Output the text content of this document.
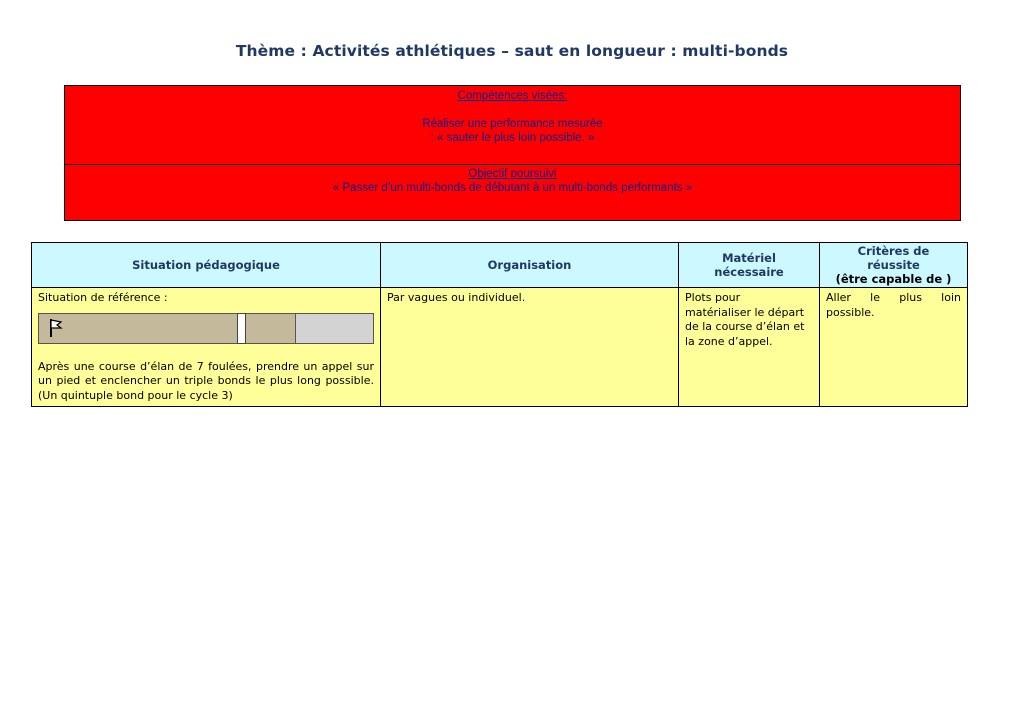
Thème : Activités athlétiques – saut en longueur : multi-bonds
Compétences visées:
Réaliser une performance mesurée
: « sauter le plus loin possible. »
Objectif poursuivi
« Passer d’un multi-bonds de débutant à un multi-bonds performants »
Situation pédagogique	Organisation	Matériel nécessaire	Critères de réussite
(être capable de )

Situation de référence :
Après une course d’élan de 7 foulées, prendre un appel sur un pied et enclencher un triple bonds le plus long possible.(Un quintuple bond pour le cycle 3)	Par vagues ou individuel.	Plots pour matérialiser le départ de la course d’élan et la zone d’appel.	Aller le plus loin possible.
